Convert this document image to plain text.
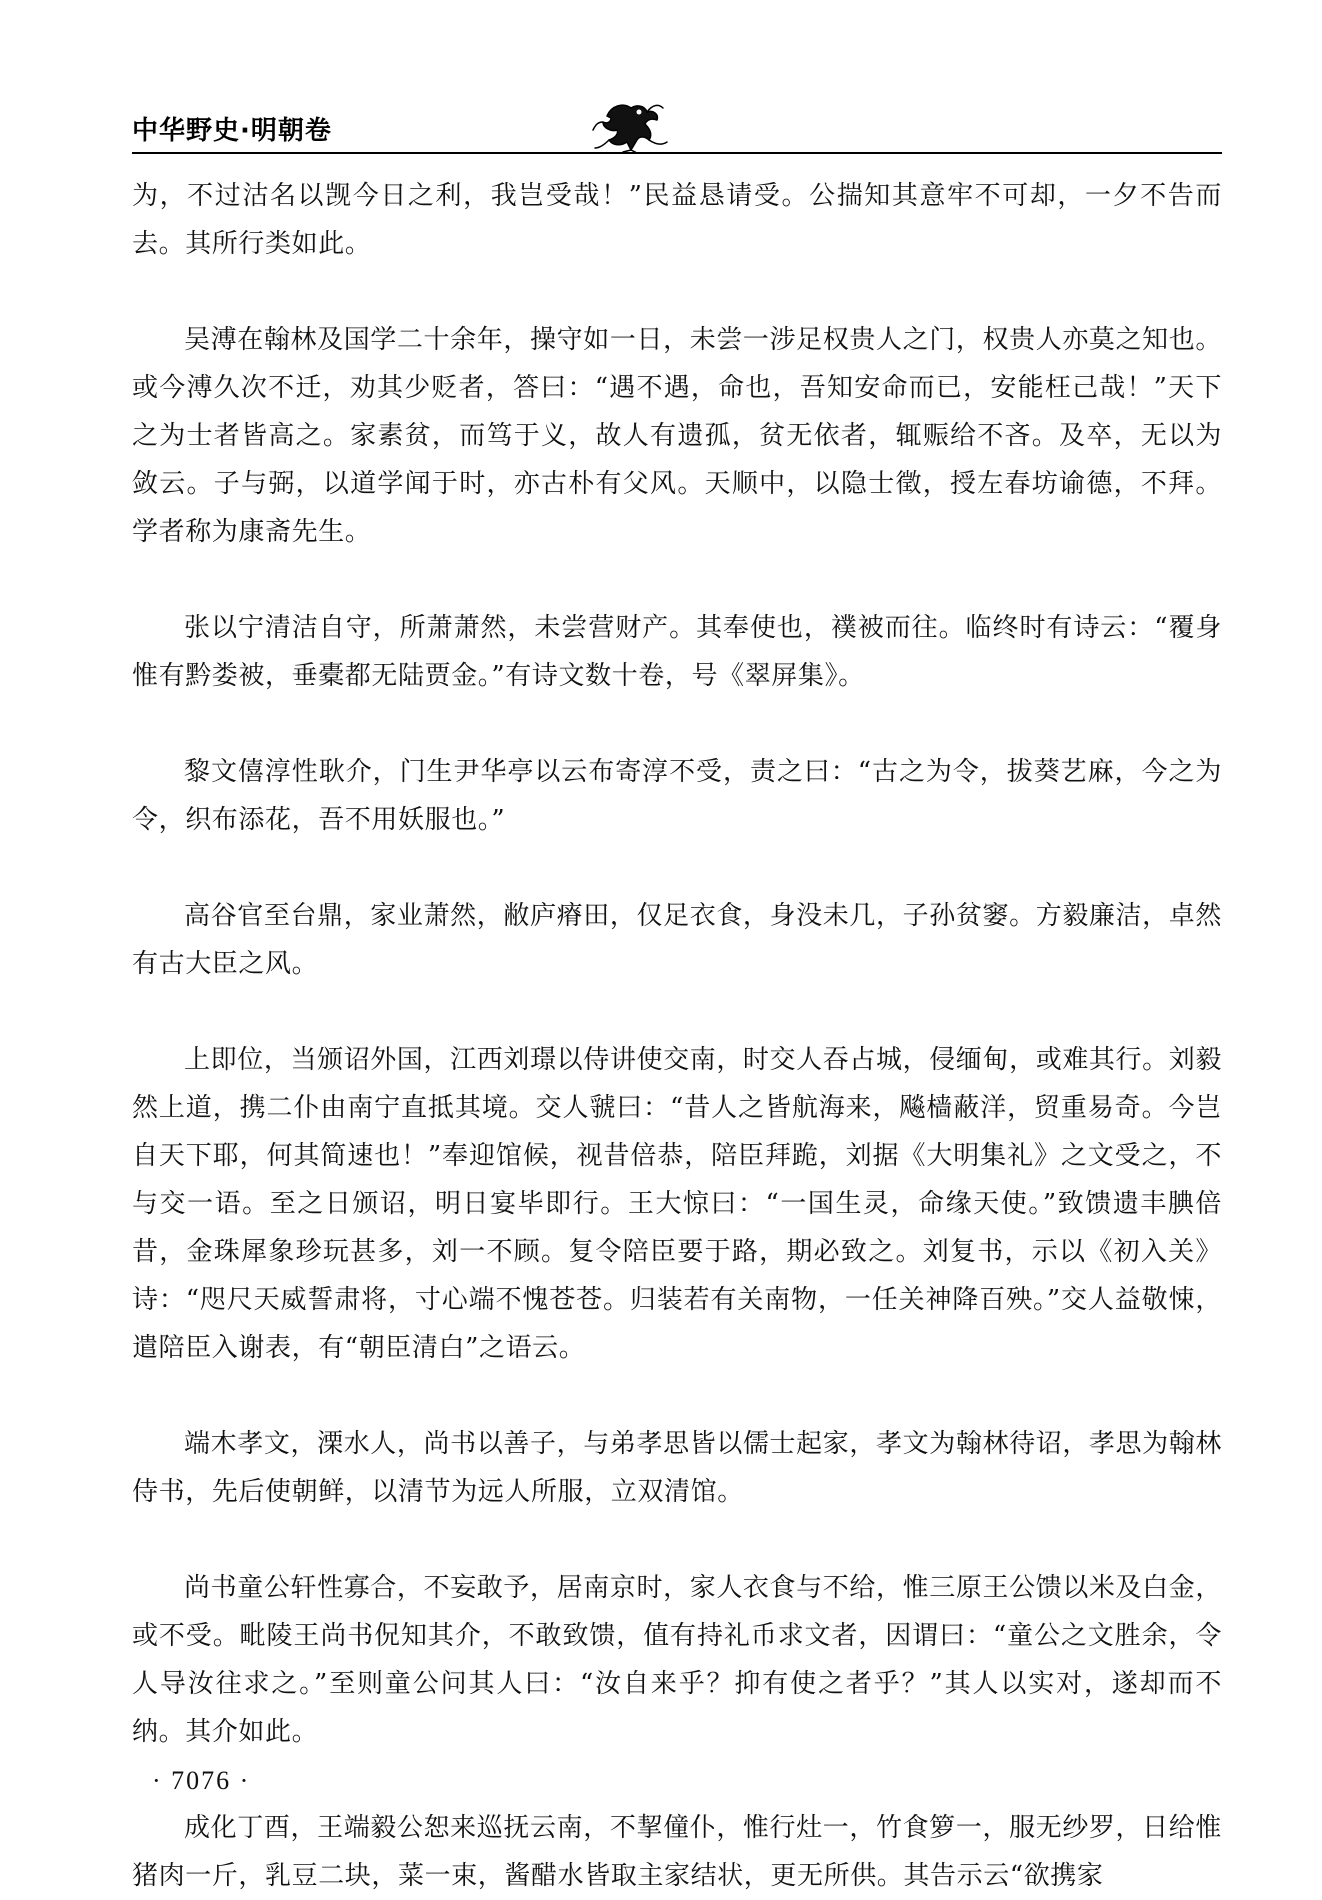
中华野史·明朝卷

为，不过沽名以觊今日之利，我岂受哉！”民益恳请受。公揣知其意牢不可却，一夕不告而去。其所行类如此。

吴溥在翰林及国学二十余年，操守如一日，未尝一涉足权贵人之门，权贵人亦莫之知也。或今溥久次不迁，劝其少贬者，答曰：“遇不遇，命也，吾知安命而已，安能枉己哉！”天下之为士者皆高之。家素贫，而笃于义，故人有遗孤，贫无依者，辄赈给不吝。及卒，无以为敛云。子与弼，以道学闻于时，亦古朴有父风。天顺中，以隐士徵，授左春坊谕德，不拜。学者称为康斋先生。

张以宁清洁自守，所萧萧然，未尝营财产。其奉使也，襆被而往。临终时有诗云：“覆身惟有黔娄被，垂橐都无陆贾金。”有诗文数十卷，号《翠屏集》。

黎文僖淳性耿介，门生尹华亭以云布寄淳不受，责之曰：“古之为令，拔葵艺麻，今之为令，织布添花，吾不用妖服也。”

高谷官至台鼎，家业萧然，敝庐瘠田，仅足衣食，身没未几，子孙贫窭。方毅廉洁，卓然有古大臣之风。

上即位，当颁诏外国，江西刘璟以侍讲使交南，时交人吞占城，侵缅甸，或难其行。刘毅然上道，携二仆由南宁直抵其境。交人虢曰：“昔人之皆航海来，飚樯蔽洋，贸重易奇。今岂自天下耶，何其简速也！”奉迎馆候，视昔倍恭，陪臣拜跪，刘据《大明集礼》之文受之，不与交一语。至之日颁诏，明日宴毕即行。王大惊曰：“一国生灵，命缘天使。”致馈遗丰腆倍昔，金珠犀象珍玩甚多，刘一不顾。复令陪臣要于路，期必致之。刘复书，示以《初入关》诗：“咫尺天威誓肃将，寸心端不愧苍苍。归装若有关南物，一任关神降百殃。”交人益敬悚，遣陪臣入谢表，有“朝臣清白”之语云。

端木孝文，溧水人，尚书以善子，与弟孝思皆以儒士起家，孝文为翰林待诏，孝思为翰林侍书，先后使朝鲜，以清节为远人所服，立双清馆。

尚书童公轩性寡合，不妄敢予，居南京时，家人衣食与不给，惟三原王公馈以米及白金，或不受。毗陵王尚书㑆知其介，不敢致馈，值有持礼币求文者，因谓曰：“童公之文胜余，令人导汝往求之。”至则童公问其人曰：“汝自来乎？抑有使之者乎？”其人以实对，遂却而不纳。其介如此。

成化丁酉，王端毅公恕来巡抚云南，不挈僮仆，惟行灶一，竹食箩一，服无纱罗，日给惟猪肉一斤，乳豆二块，菜一束，酱醋水皆取主家结状，更无所供。其告示云“欲携家

· 7076 ·
